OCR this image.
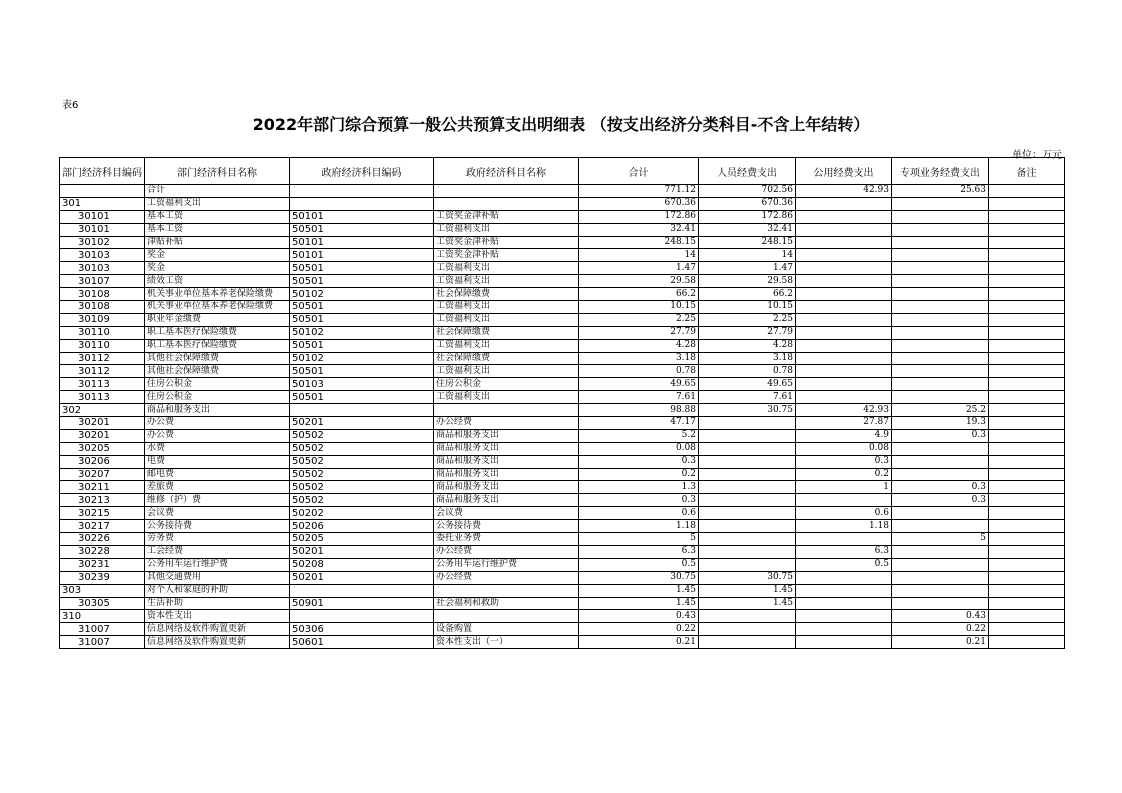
表6
2022年部门综合预算一般公共预算支出明细表 （按支出经济分类科目-不含上年结转）
单位：万元
部门经济科目编码	部门经济科目名称	政府经济科目编码	政府经济科目名称	合计	人员经费支出	公用经费支出	专项业务经费支出	备注
	合计			771.12	702.56	42.93	25.63	
301	工资福利支出			670.36	670.36			
30101	基本工资	50101	工资奖金津补贴	172.86	172.86			
30101	基本工资	50501	工资福利支出	32.41	32.41			
30102	津贴补贴	50101	工资奖金津补贴	248.15	248.15			
30103	奖金	50101	工资奖金津补贴	14	14			
30103	奖金	50501	工资福利支出	1.47	1.47			
30107	绩效工资	50501	工资福利支出	29.58	29.58			
30108	机关事业单位基本养老保险缴费	50102	社会保障缴费	66.2	66.2			
30108	机关事业单位基本养老保险缴费	50501	工资福利支出	10.15	10.15			
30109	职业年金缴费	50501	工资福利支出	2.25	2.25			
30110	职工基本医疗保险缴费	50102	社会保障缴费	27.79	27.79			
30110	职工基本医疗保险缴费	50501	工资福利支出	4.28	4.28			
30112	其他社会保障缴费	50102	社会保障缴费	3.18	3.18			
30112	其他社会保障缴费	50501	工资福利支出	0.78	0.78			
30113	住房公积金	50103	住房公积金	49.65	49.65			
30113	住房公积金	50501	工资福利支出	7.61	7.61			
302	商品和服务支出			98.88	30.75	42.93	25.2	
30201	办公费	50201	办公经费	47.17		27.87	19.3	
30201	办公费	50502	商品和服务支出	5.2		4.9	0.3	
30205	水费	50502	商品和服务支出	0.08		0.08		
30206	电费	50502	商品和服务支出	0.3		0.3		
30207	邮电费	50502	商品和服务支出	0.2		0.2		
30211	差旅费	50502	商品和服务支出	1.3		1	0.3	
30213	维修（护）费	50502	商品和服务支出	0.3			0.3	
30215	会议费	50202	会议费	0.6		0.6		
30217	公务接待费	50206	公务接待费	1.18		1.18		
30226	劳务费	50205	委托业务费	5			5	
30228	工会经费	50201	办公经费	6.3		6.3		
30231	公务用车运行维护费	50208	公务用车运行维护费	0.5		0.5		
30239	其他交通费用	50201	办公经费	30.75	30.75			
303	对个人和家庭的补助			1.45	1.45			
30305	生活补助	50901	社会福利和救助	1.45	1.45			
310	资本性支出			0.43			0.43	
31007	信息网络及软件购置更新	50306	设备购置	0.22			0.22	
31007	信息网络及软件购置更新	50601	资本性支出（一）	0.21			0.21	
